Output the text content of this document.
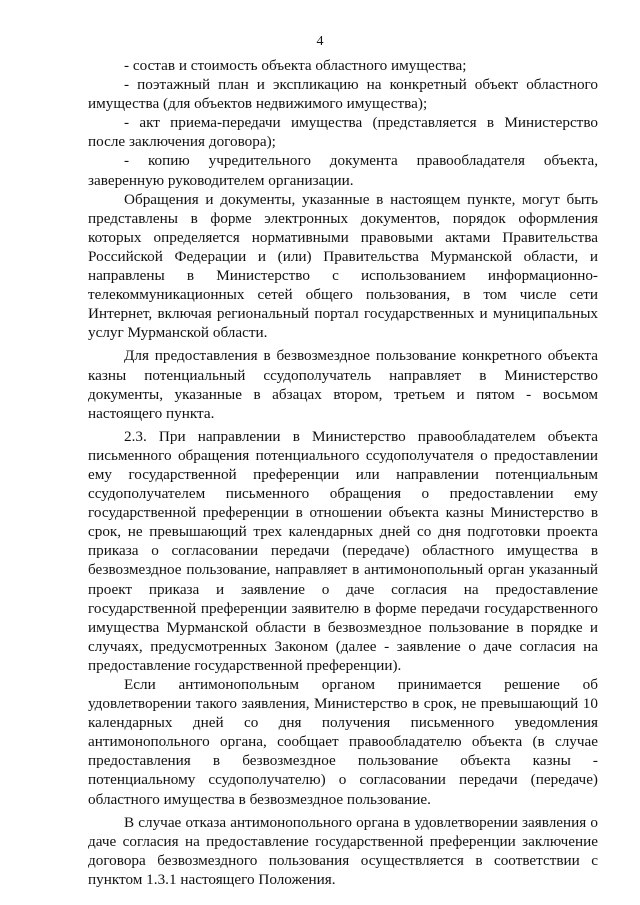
4

- состав и стоимость объекта областного имущества;

- поэтажный план и экспликацию на конкретный объект областного имущества (для объектов недвижимого имущества);

- акт приема-передачи имущества (представляется в Министерство после заключения договора);

- копию учредительного документа правообладателя объекта, заверенную руководителем организации.

Обращения и документы, указанные в настоящем пункте, могут быть представлены в форме электронных документов, порядок оформления которых определяется нормативными правовыми актами Правительства Российской Федерации и (или) Правительства Мурманской области, и направлены в Министерство с использованием информационно-телекоммуникационных сетей общего пользования, в том числе сети Интернет, включая региональный портал государственных и муниципальных услуг Мурманской области.

Для предоставления в безвозмездное пользование конкретного объекта казны потенциальный ссудополучатель направляет в Министерство документы, указанные в абзацах втором, третьем и пятом - восьмом настоящего пункта.

2.3. При направлении в Министерство правообладателем объекта письменного обращения потенциального ссудополучателя о предоставлении ему государственной преференции или направлении потенциальным ссудополучателем письменного обращения о предоставлении ему государственной преференции в отношении объекта казны Министерство в срок, не превышающий трех календарных дней со дня подготовки проекта приказа о согласовании передачи (передаче) областного имущества в безвозмездное пользование, направляет в антимонопольный орган указанный проект приказа и заявление о даче согласия на предоставление государственной преференции заявителю в форме передачи государственного имущества Мурманской области в безвозмездное пользование в порядке и случаях, предусмотренных Законом (далее - заявление о даче согласия на предоставление государственной преференции).

Если антимонопольным органом принимается решение об удовлетворении такого заявления, Министерство в срок, не превышающий 10 календарных дней со дня получения письменного уведомления антимонопольного органа, сообщает правообладателю объекта (в случае предоставления в безвозмездное пользование объекта казны - потенциальному ссудополучателю) о согласовании передачи (передаче) областного имущества в безвозмездное пользование.

В случае отказа антимонопольного органа в удовлетворении заявления о даче согласия на предоставление государственной преференции заключение договора безвозмездного пользования осуществляется в соответствии с пунктом 1.3.1 настоящего Положения.
